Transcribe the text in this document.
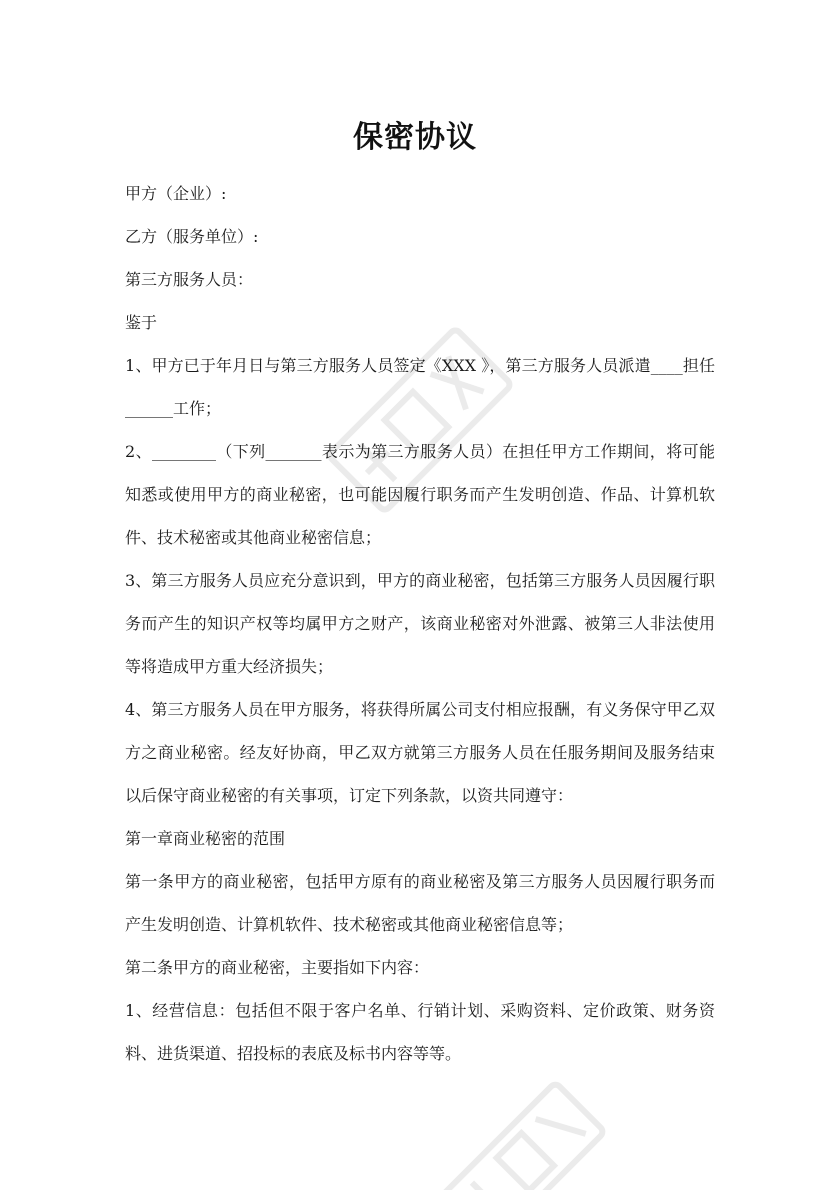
保密协议

甲方（企业）:

乙方（服务单位）:

第三方服务人员：

鉴于

1、甲方已于年月日与第三方服务人员签定《XXX 》，第三方服务人员派遣____担任______工作；

2、________（下列_______表示为第三方服务人员）在担任甲方工作期间，将可能知悉或使用甲方的商业秘密，也可能因履行职务而产生发明创造、作品、计算机软件、技术秘密或其他商业秘密信息；

3、第三方服务人员应充分意识到，甲方的商业秘密，包括第三方服务人员因履行职务而产生的知识产权等均属甲方之财产，该商业秘密对外泄露、被第三人非法使用等将造成甲方重大经济损失；

4、第三方服务人员在甲方服务，将获得所属公司支付相应报酬，有义务保守甲乙双方之商业秘密。经友好协商，甲乙双方就第三方服务人员在任服务期间及服务结束以后保守商业秘密的有关事项，订定下列条款，以资共同遵守：

第一章商业秘密的范围

第一条甲方的商业秘密，包括甲方原有的商业秘密及第三方服务人员因履行职务而产生发明创造、计算机软件、技术秘密或其他商业秘密信息等；

第二条甲方的商业秘密，主要指如下内容：

1、经营信息：包括但不限于客户名单、行销计划、采购资料、定价政策、财务资料、进货渠道、招投标的表底及标书内容等等。
